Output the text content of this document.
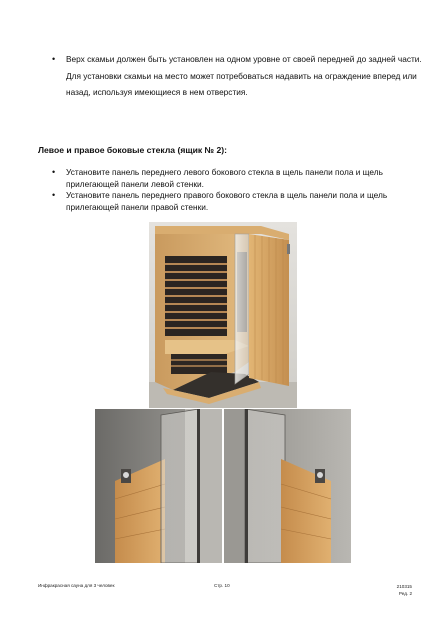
• Верх скамьи должен быть установлен на одном уровне от своей передней до задней части. Для установки скамьи на место может потребоваться надавить на ограждение вперед или назад, используя имеющиеся в нем отверстия.
Левое и правое боковые стекла (ящик № 2):
• Установите панель переднего левого бокового стекла в щель панели пола и щель прилегающей панели левой стенки.
• Установите панель переднего правого бокового стекла в щель панели пола и щель прилегающей панели правой стенки.
Инфракрасная сауна для 3 человек	Стр. 10	210315
Ред. 2
